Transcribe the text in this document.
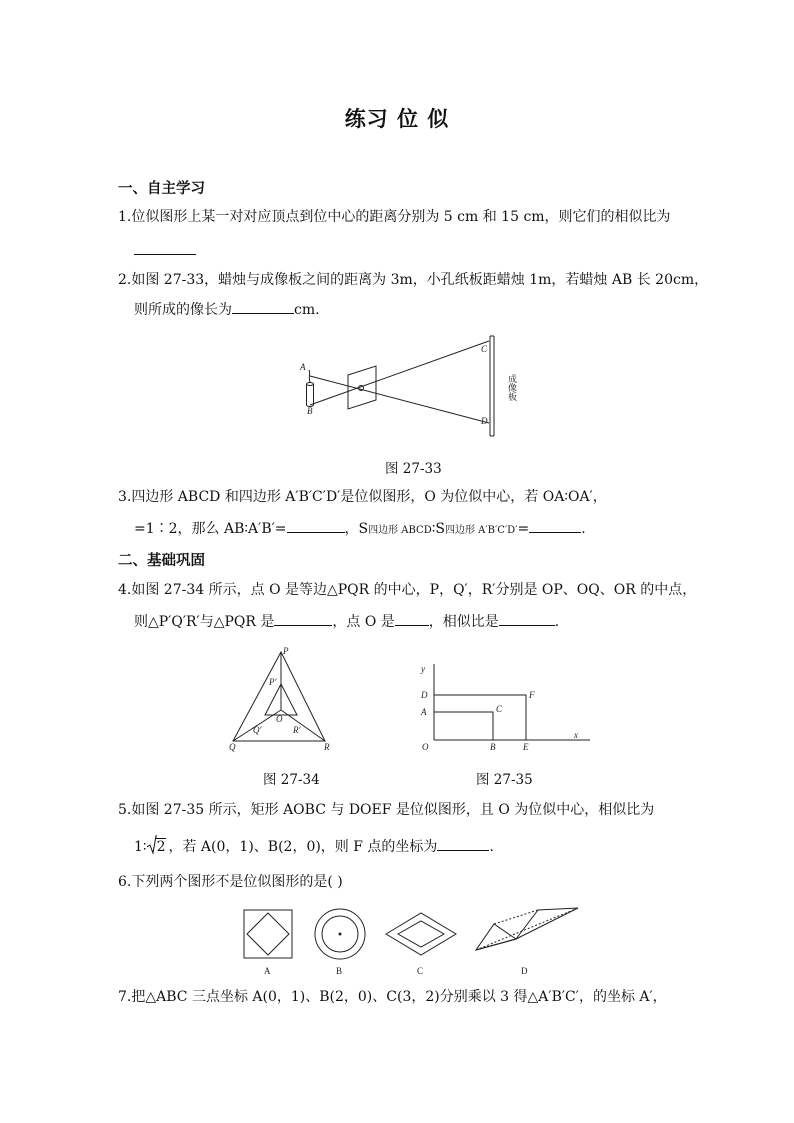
练习 位 似
一、自主学习
1.位似图形上某一对对应顶点到位中心的距离分别为 5 cm 和 15 cm，则它们的相似比为
2.如图 27-33，蜡烛与成像板之间的距离为 3m，小孔纸板距蜡烛 1m，若蜡烛 AB 长 20cm，
则所成的像长为	cm.
A
B
C
D
成像板
图 27-33
3.四边形 ABCD 和四边形 A′B′C′D′是位似图形，O 为位似中心，若 OA∶OA′，
=1∶2，那么 AB∶A′B′=	，S四边形 ABCD∶S四边形 A′B′C′D′=	.
二、基础巩固
4.如图 27-34 所示，点 O 是等边△PQR 的中心，P，Q′，R′分别是 OP、OQ、OR 的中点，
则△P′Q′R′与△PQR 是	，点 O 是 ，相似比是	.
P
P′
O
Q′	R′
Q	R
y
x
D
A
F
C
O	B	E
图 27-34	图 27-35
5.如图 27-35 所示，矩形 AOBC 与 DOEF 是位似图形，且 O 为位似中心，相似比为
1∶ 2 ，若 A(0，1)、B(2，0)，则 F 点的坐标为	.
6.下列两个图形不是位似图形的是( )
A	B	C	D
7.把△ABC 三点坐标 A(0，1)、B(2，0)、C(3，2)分别乘以 3 得△A′B′C′，的坐标 A′，
